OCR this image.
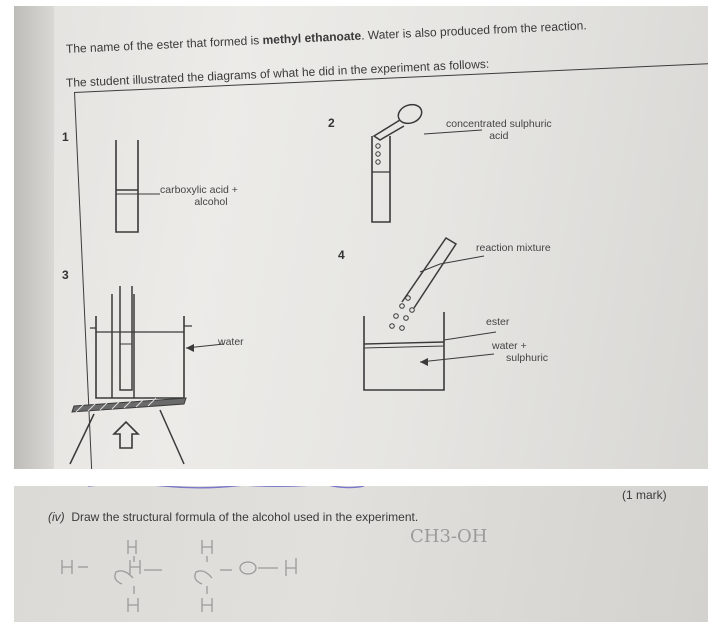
The name of the ester that formed is methyl ethanoate. Water is also produced from the reaction.
The student illustrated the diagrams of what he did in the experiment as follows:
1
carboxylic acid +
alcohol
2	concentrated sulphuric
acid
3
water
4	reaction mixture
ester
water +
sulphuric
(iv) Draw the structural formula of the alcohol used in the experiment.
(1 mark)
CH3-OH
